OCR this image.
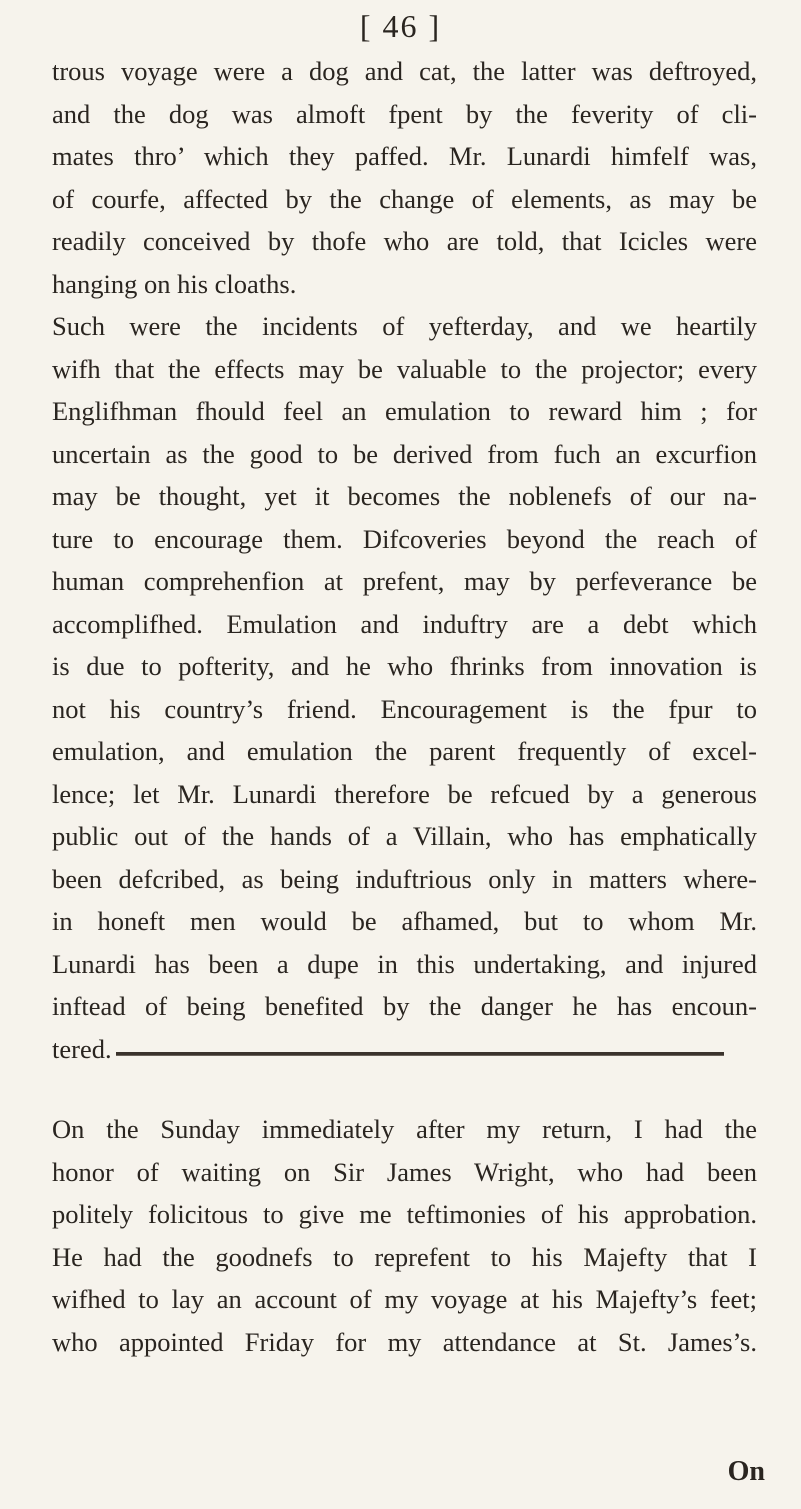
[ 46 ]
trous voyage were a dog and cat, the latter was deftroyed,
and the dog was almoft fpent by the feverity of cli-
mates thro’ which they paffed. Mr. Lunardi himfelf was,
of courfe, affected by the change of elements, as may be
readily conceived by thofe who are told, that Icicles were
hanging on his cloaths.
Such were the incidents of yefterday, and we heartily
wifh that the effects may be valuable to the projector; every
Englifhman fhould feel an emulation to reward him ; for
uncertain as the good to be derived from fuch an excurfion
may be thought, yet it becomes the noblenefs of our na-
ture to encourage them. Difcoveries beyond the reach of
human comprehenfion at prefent, may by perfeverance be
accomplifhed. Emulation and induftry are a debt which
is due to pofterity, and he who fhrinks from innovation is
not his country’s friend. Encouragement is the fpur to
emulation, and emulation the parent frequently of excel-
lence; let Mr. Lunardi therefore be refcued by a generous
public out of the hands of a Villain, who has emphatically
been defcribed, as being induftrious only in matters where-
in honeft men would be afhamed, but to whom Mr.
Lunardi has been a dupe in this undertaking, and injured
inftead of being benefited by the danger he has encoun-
tered.
On the Sunday immediately after my return, I had the
honor of waiting on Sir James Wright, who had been
politely folicitous to give me teftimonies of his approbation.
He had the goodnefs to reprefent to his Majefty that I
wifhed to lay an account of my voyage at his Majefty’s feet;
who appointed Friday for my attendance at St. James’s.
On
